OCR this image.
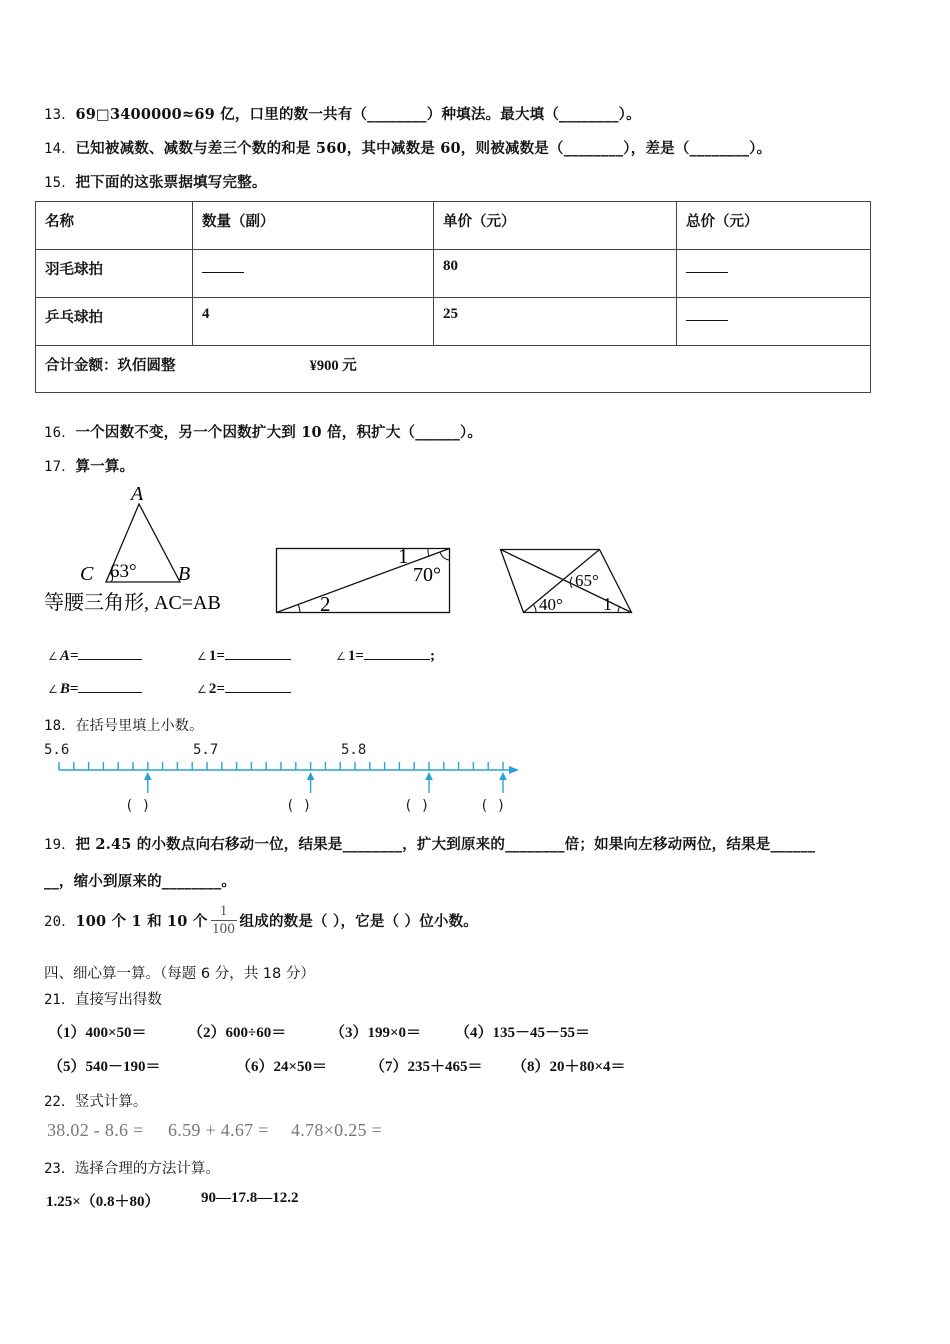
13．69□3400000≈69 亿，口里的数一共有（________）种填法。最大填（________）。
14．已知被减数、减数与差三个数的和是 560，其中减数是 60，则被减数是（________），差是（________）。
15．把下面的这张票据填写完整。
名称	数量（副）	单价（元）	总价（元）
羽毛球拍		80	
乒乓球拍	4	25	
合计金额：玖佰圆整 ¥900 元			
16．一个因数不变，另一个因数扩大到 10 倍，积扩大（______）。
17．算一算。
A
C	B
63°
等腰三角形, AC=AB
1
2
70°	65°
40° 1
∠ A=	∠ 1=	∠ 1=	;
∠ B=	∠ 2=
18．在括号里填上小数。
5.6	5.7	5.8
( )	( )	( )	( )
19．把 2.45 的小数点向右移动一位，结果是________，扩大到原来的________倍；如果向左移动两位，结果是______
__，缩小到原来的________。
20． 100 个 1 和 10 个 $\frac{1}{100}$ 组成的数是（ ），它是（ ）位小数。
四、细心算一算。（每题 6 分，共 18 分）
21．直接写出得数
（1）400×50＝	（2）600÷60＝	（3）199×0＝ （4）135－45－55＝
（5）540－190＝	（6）24×50＝	（7）235＋465＝ （8）20＋80×4＝
22．竖式计算。
38.02 - 8.6 = 6.59 + 4.67 = 4.78×0.25 =
23．选择合理的方法计算。
1.25×（0.8＋80）	90—17.8—12.2
